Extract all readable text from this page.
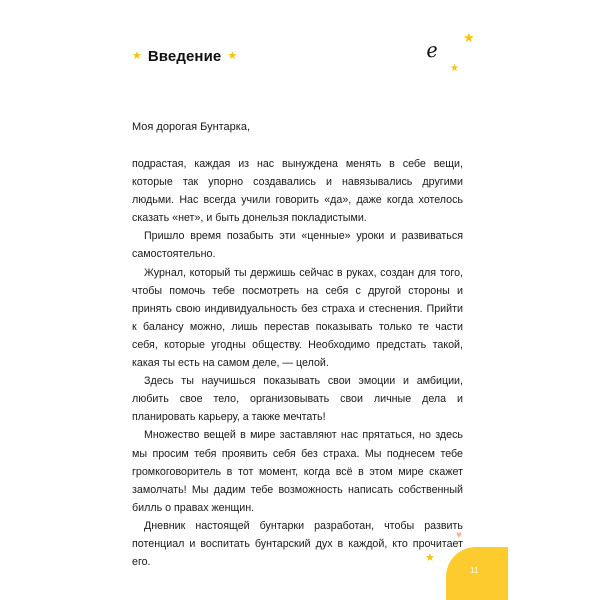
★ Введение ★	e ★
★
Моя дорогая Бунтарка,

подрастая, каждая из нас вынуждена менять в себе вещи, которые так упорно создавались и навязывались другими людьми. Нас всегда учили говорить «да», даже когда хотелось сказать «нет», и быть донельзя покладистыми.

Пришло время позабыть эти «ценные» уроки и развиваться самостоятельно.

Журнал, который ты держишь сейчас в руках, создан для того, чтобы помочь тебе посмотреть на себя с другой стороны и принять свою индивидуальность без страха и стеснения. Прийти к балансу можно, лишь перестав показывать только те части себя, которые угодны обществу. Необходимо предстать такой, какая ты есть на самом деле, — целой.

Здесь ты научишься показывать свои эмоции и амбиции, любить свое тело, организовывать свои личные дела и планировать карьеру, а также мечтать!

Множество вещей в мире заставляют нас прятаться, но здесь мы просим тебя проявить себя без страха. Мы поднесем тебе громкоговоритель в тот момент, когда всё в этом мире скажет замолчать! Мы дадим тебе возможность написать собственный билль о правах женщин.

Дневник настоящей бунтарки разработан, чтобы развить потенциал и воспитать бунтарский дух в каждой, кто прочитает его.

♥
★
11
